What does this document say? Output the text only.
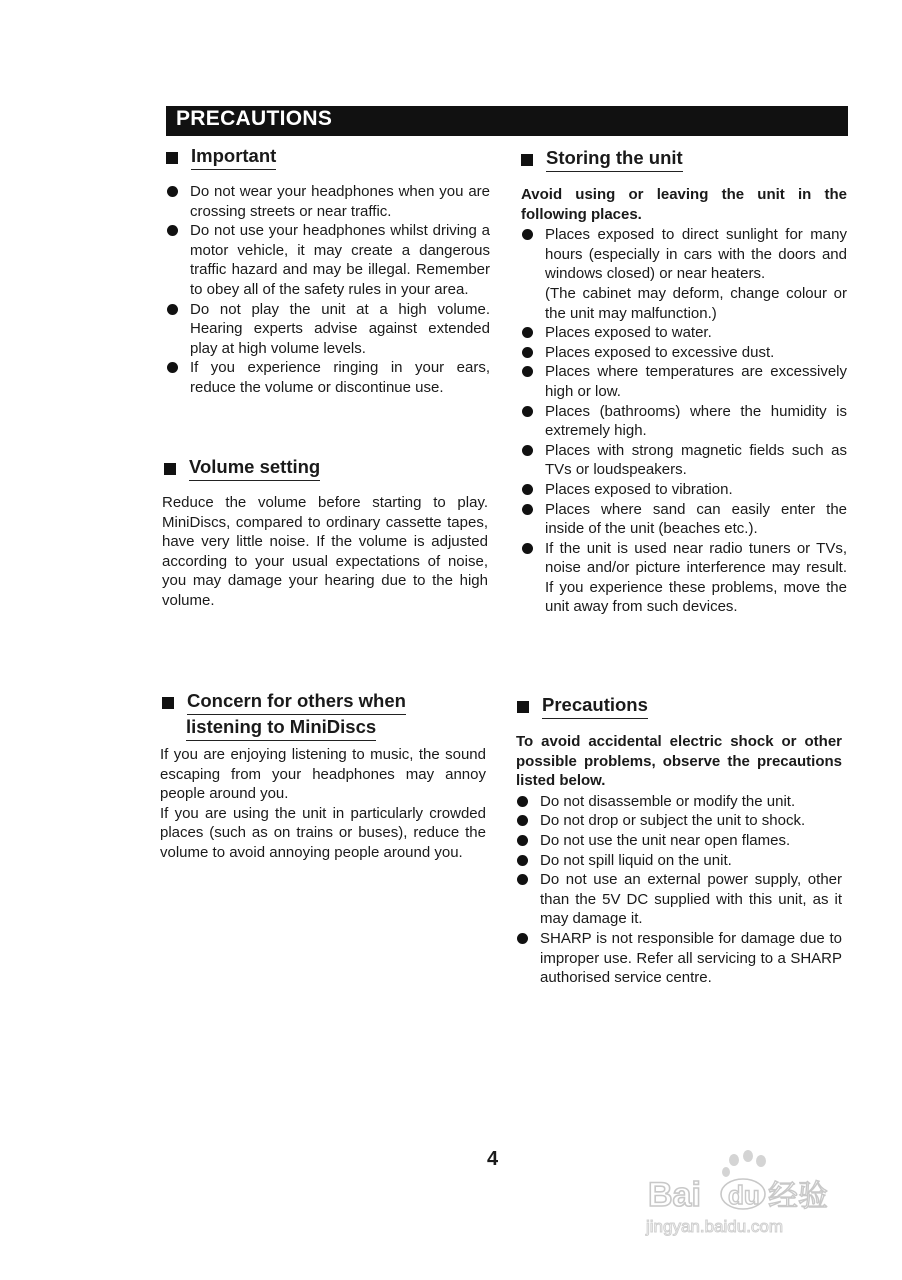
PRECAUTIONS
Important
Do not wear your headphones when you are crossing streets or near traffic.
Do not use your headphones whilst driving a motor vehicle, it may create a dangerous traffic hazard and may be illegal. Remember to obey all of the safety rules in your area.
Do not play the unit at a high volume. Hearing experts advise against extended play at high volume levels.
If you experience ringing in your ears, reduce the volume or discontinue use.
Volume setting

Reduce the volume before starting to play. MiniDiscs, compared to ordinary cassette tapes, have very little noise. If the volume is adjusted according to your usual expectations of noise, you may damage your hearing due to the high volume.

Concern for others when
listening to MiniDiscs

If you are enjoying listening to music, the sound escaping from your headphones may annoy people around you.

If you are using the unit in particularly crowded places (such as on trains or buses), reduce the volume to avoid annoying people around you.

Storing the unit

Avoid using or leaving the unit in the following places.

Places exposed to direct sunlight for many hours (especially in cars with the doors and windows closed) or near heaters.
(The cabinet may deform, change colour or the unit may malfunction.)
Places exposed to water.
Places exposed to excessive dust.
Places where temperatures are excessively high or low.
Places (bathrooms) where the humidity is extremely high.
Places with strong magnetic fields such as TVs or loudspeakers.
Places exposed to vibration.
Places where sand can easily enter the inside of the unit (beaches etc.).
If the unit is used near radio tuners or TVs, noise and/or picture interference may result. If you experience these problems, move the unit away from such devices.
Precautions

To avoid accidental electric shock or other possible problems, observe the precautions listed below.

Do not disassemble or modify the unit.
Do not drop or subject the unit to shock.
Do not use the unit near open flames.
Do not spill liquid on the unit.
Do not use an external power supply, other than the 5V DC supplied with this unit, as it may damage it.
SHARP is not responsible for damage due to improper use. Refer all servicing to a SHARP authorised service centre.
4
Bai du 经验
jingyan.baidu.com
